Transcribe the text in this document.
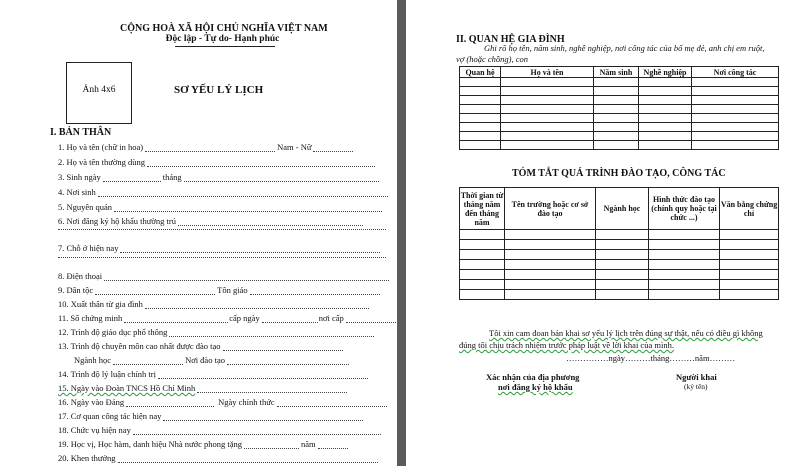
CỘNG HOÀ XÃ HỘI CHỦ NGHĨA VIỆT NAM
Độc lập - Tự do- Hạnh phúc
Ảnh 4x6	SƠ YẾU LÝ LỊCH
I. BẢN THÂN
1. Họ và tên (chữ in hoa)	Nam - Nữ
2. Họ và tên thường dùng
3. Sinh ngày	tháng
4. Nơi sinh
5. Nguyên quán
6. Nơi đăng ký hộ khẩu thường trú
7. Chỗ ở hiện nay
8. Điện thoại
9. Dân tộc	Tôn giáo
10. Xuất thân từ gia đình
11. Số chứng minh	cấp ngày	nơi cấp
12. Trình độ giáo dục phổ thông
13. Trình độ chuyên môn cao nhất được đào tạo
Ngành học	Nơi đào tạo
14. Trình độ lý luận chính trị
15. Ngày vào Đoàn TNCS Hồ Chí Minh
16. Ngày vào Đảng	Ngày chính thức
17. Cơ quan công tác hiện nay
18. Chức vụ hiện nay
19. Học vị, Học hàm, danh hiệu Nhà nước phong tặng	năm
20. Khen thưởng
II. QUAN HỆ GIA ĐÌNH
Ghi rõ họ tên, năm sinh, nghề nghiệp, nơi công tác của bố mẹ đẻ, anh chị em ruột,
vợ (hoặc chồng), con
Quan hệ	Họ và tên	Năm sinh	Nghề nghiệp	Nơi công tác

TÓM TẮT QUÁ TRÌNH ĐÀO TẠO, CÔNG TÁC
Thời gian từ tháng năm đến tháng năm	Tên trường hoặc cơ sở đào tạo	Ngành học	Hình thức đào tạo (chính quy hoặc tại chức ...)	Văn bằng chứng chỉ

Tôi xin cam đoan bản khai sơ yếu lý lịch trên đúng sự thật, nếu có điều gì không
đúng tôi chịu trách nhiệm trước pháp luật về lời khai của mình.
……………ngày………tháng………năm………
Xác nhận của địa phương
nơi đăng ký hộ khẩu
Người khai
(ký tên)
